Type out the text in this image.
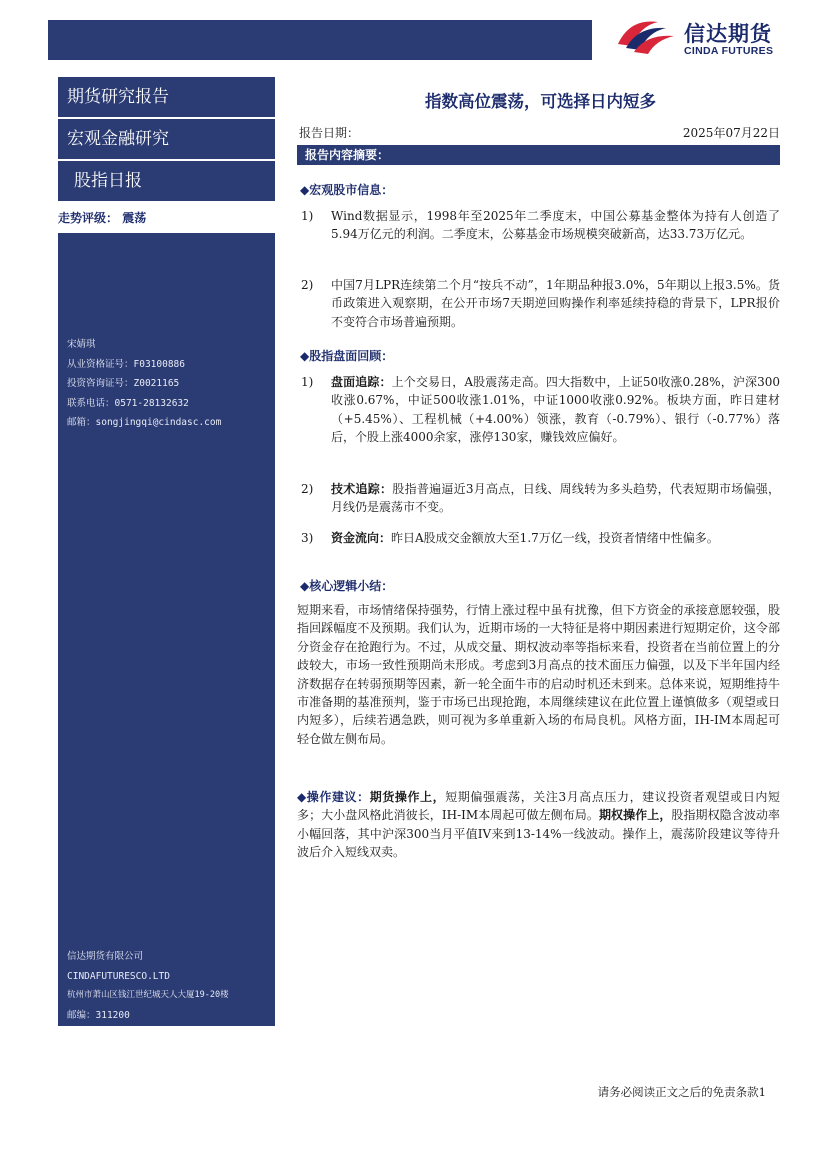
信达期货
CINDA FUTURES
期货研究报告
宏观金融研究
股指日报
走势评级： 震荡
宋婧琪
从业资格证号：F03100886
投资咨询证号：Z0021165
联系电话：0571-28132632
邮箱：songjingqi@cindasc.com
信达期货有限公司
CINDAFUTURESCO.LTD
杭州市萧山区钱江世纪城天人大厦19-20楼
邮编：311200
指数高位震荡，可选择日内短多
报告日期：	2025年07月22日
报告内容摘要：
◆宏观股市信息：
1) Wind数据显示，1998年至2025年二季度末，中国公募基金整体为持有人创造了5.94万亿元的利润。二季度末，公募基金市场规模突破新高，达33.73万亿元。
2) 中国7月LPR连续第二个月“按兵不动”，1年期品种报3.0%，5年期以上报3.5%。货币政策进入观察期，在公开市场7天期逆回购操作利率延续持稳的背景下，LPR报价不变符合市场普遍预期。
◆股指盘面回顾：
1) 盘面追踪：上个交易日，A股震荡走高。四大指数中，上证50收涨0.28%，沪深300收涨0.67%，中证500收涨1.01%，中证1000收涨0.92%。板块方面，昨日建材（+5.45%）、工程机械（+4.00%）领涨，教育（-0.79%）、银行（-0.77%）落后，个股上涨4000余家，涨停130家，赚钱效应偏好。
2) 技术追踪：股指普遍逼近3月高点，日线、周线转为多头趋势，代表短期市场偏强，月线仍是震荡市不变。
3) 资金流向：昨日A股成交金额放大至1.7万亿一线，投资者情绪中性偏多。
◆核心逻辑小结：
短期来看，市场情绪保持强势，行情上涨过程中虽有扰豫，但下方资金的承接意愿较强，股指回踩幅度不及预期。我们认为，近期市场的一大特征是将中期因素进行短期定价，这令部分资金存在抢跑行为。不过，从成交量、期权波动率等指标来看，投资者在当前位置上的分歧较大，市场一致性预期尚未形成。考虑到3月高点的技术面压力偏强，以及下半年国内经济数据存在转弱预期等因素，新一轮全面牛市的启动时机还未到来。总体来说，短期维持牛市准备期的基准预判，鉴于市场已出现抢跑，本周继续建议在此位置上谨慎做多（观望或日内短多），后续若遇急跌，则可视为多单重新入场的布局良机。风格方面，IH-IM本周起可轻仓做左侧布局。
◆操作建议：期货操作上，短期偏强震荡，关注3月高点压力，建议投资者观望或日内短多；大小盘风格此消彼长，IH-IM本周起可做左侧布局。期权操作上，股指期权隐含波动率小幅回落，其中沪深300当月平值IV来到13-14%一线波动。操作上，震荡阶段建议等待升波后介入短线双卖。
请务必阅读正文之后的免责条款1
